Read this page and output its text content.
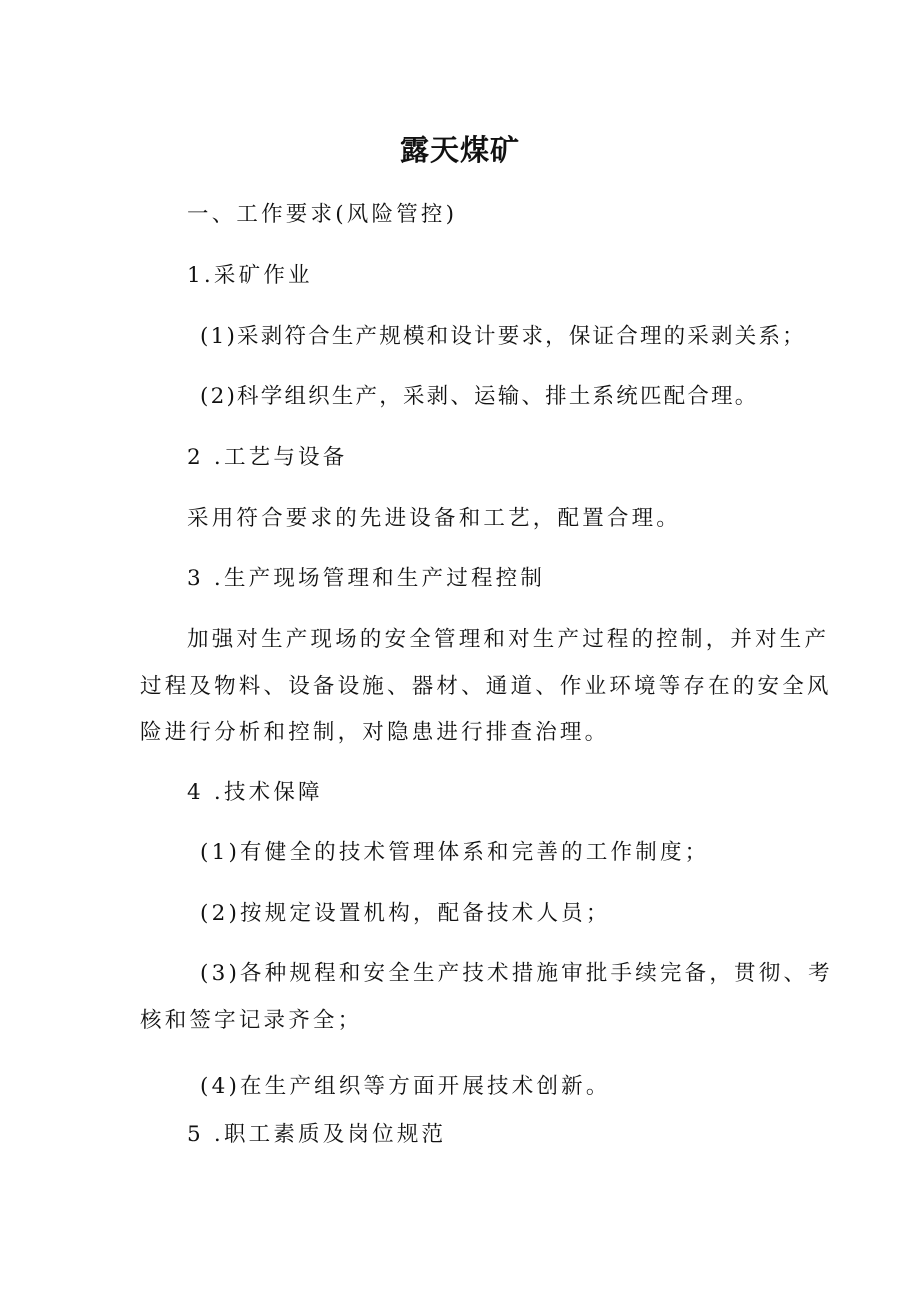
露天煤矿
一、工作要求(风险管控)
1.采矿作业
(1)采剥符合生产规模和设计要求，保证合理的采剥关系；
(2)科学组织生产，采剥、运输、排土系统匹配合理。
2 .工艺与设备
采用符合要求的先进设备和工艺，配置合理。
3 .生产现场管理和生产过程控制
加强对生产现场的安全管理和对生产过程的控制，并对生产
过程及物料、设备设施、器材、通道、作业环境等存在的安全风
险进行分析和控制，对隐患进行排查治理。
4 .技术保障
(1)有健全的技术管理体系和完善的工作制度；
(2)按规定设置机构，配备技术人员；
(3)各种规程和安全生产技术措施审批手续完备，贯彻、考
核和签字记录齐全；
(4)在生产组织等方面开展技术创新。
5 .职工素质及岗位规范
